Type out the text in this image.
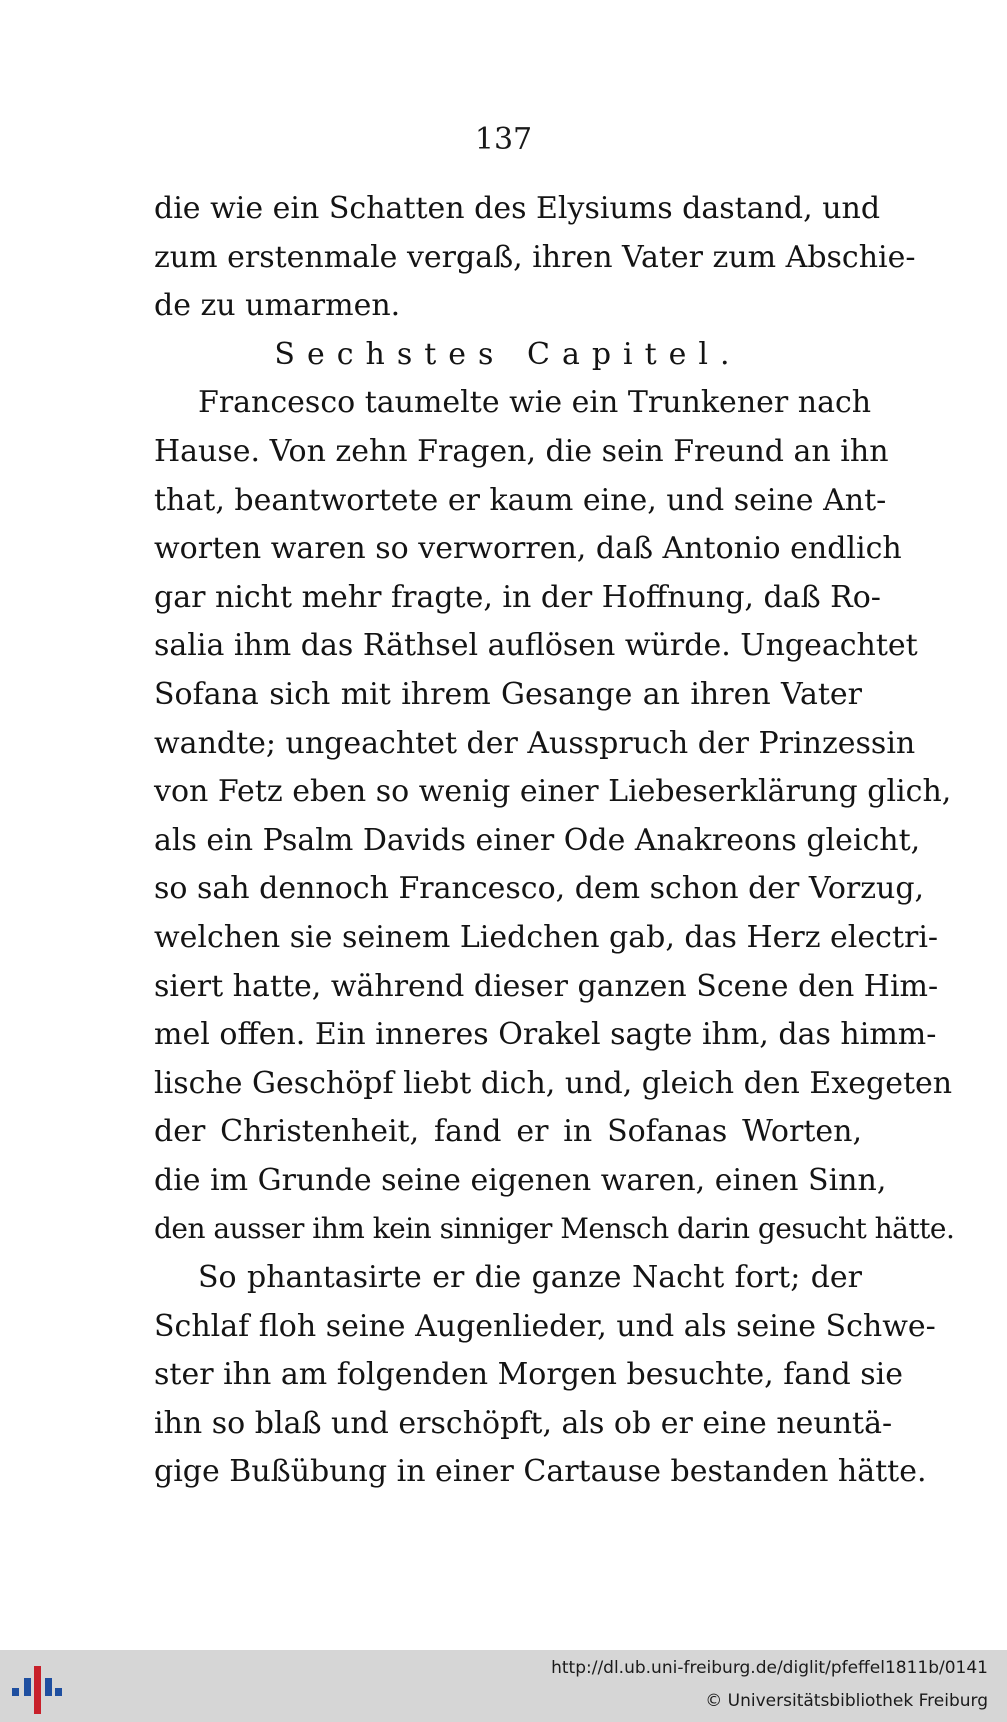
137
die wie ein Schatten des Elysiums dastand, und
zum erstenmale vergaß, ihren Vater zum Abschie-
de zu umarmen.
Sechstes Capitel.
Francesco taumelte wie ein Trunkener nach
Hause. Von zehn Fragen, die sein Freund an ihn
that, beantwortete er kaum eine, und seine Ant-
worten waren so verworren, daß Antonio endlich
gar nicht mehr fragte, in der Hoffnung, daß Ro-
salia ihm das Räthsel auflösen würde. Ungeachtet
Sofana sich mit ihrem Gesange an ihren Vater
wandte; ungeachtet der Ausspruch der Prinzessin
von Fetz eben so wenig einer Liebeserklärung glich,
als ein Psalm Davids einer Ode Anakreons gleicht,
so sah dennoch Francesco, dem schon der Vorzug,
welchen sie seinem Liedchen gab, das Herz electri-
siert hatte, während dieser ganzen Scene den Him-
mel offen. Ein inneres Orakel sagte ihm, das himm-
lische Geschöpf liebt dich, und, gleich den Exegeten
der Christenheit, fand er in Sofanas Worten,
die im Grunde seine eigenen waren, einen Sinn,
den ausser ihm kein sinniger Mensch darin gesucht hätte.
So phantasirte er die ganze Nacht fort; der
Schlaf floh seine Augenlieder, und als seine Schwe-
ster ihn am folgenden Morgen besuchte, fand sie
ihn so blaß und erschöpft, als ob er eine neuntä-
gige Bußübung in einer Cartause bestanden hätte.
http://dl.ub.uni-freiburg.de/diglit/pfeffel1811b/0141
© Universitätsbibliothek Freiburg
